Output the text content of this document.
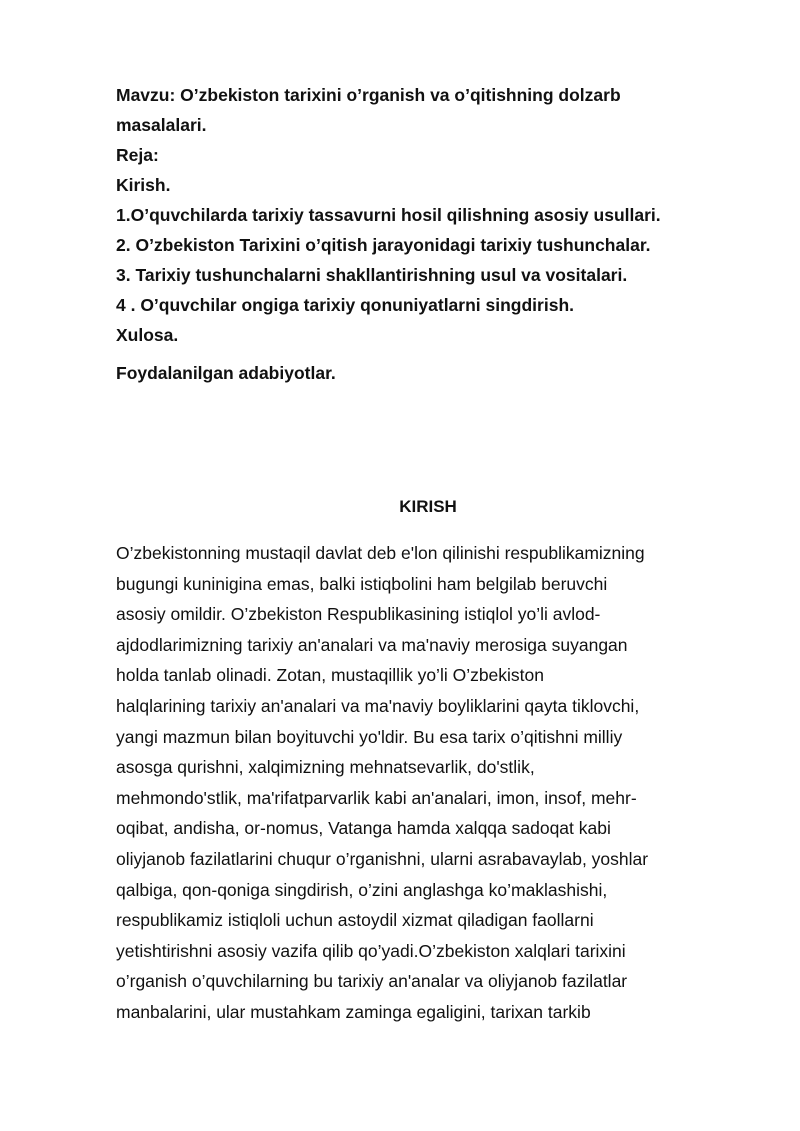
Mavzu: O’zbekiston tarixini o’rganish va o’qitishning dolzarb masalalari.
Reja:
Kirish.
1.O’quvchilarda tarixiy tassavurni hosil qilishning asosiy usullari.
2. O’zbekiston Tarixini o’qitish jarayonidagi tarixiy tushunchalar.
3. Tarixiy tushunchalarni shakllantirishning usul va vositalari.
4 . O’quvchilar ongiga tarixiy qonuniyatlarni singdirish.
Xulosa.
Foydalanilgan adabiyotlar.
KIRISH
O’zbekistonning mustaqil davlat deb e'lon qilinishi respublikamizning
bugungi kuninigina emas, balki istiqbolini ham belgilab beruvchi
asosiy omildir. O’zbekiston Respublikasining istiqlol yo’li avlod-
ajdodlarimizning tarixiy an'analari va ma'naviy merosiga suyangan
holda tanlab olinadi. Zotan, mustaqillik yo’li O’zbekiston
halqlarining tarixiy an'analari va ma'naviy boyliklarini qayta tiklovchi,
yangi mazmun bilan boyituvchi yo'ldir. Bu esa tarix o’qitishni milliy
asosga qurishni, xalqimizning mehnatsevarlik, do'stlik,
mehmondo'stlik, ma'rifatparvarlik kabi an'analari, imon, insof, mehr-
oqibat, andisha, or-nomus, Vatanga hamda xalqqa sadoqat kabi
oliyjanob fazilatlarini chuqur o’rganishni, ularni asrabavaylab, yoshlar
qalbiga, qon-qoniga singdirish, o’zini anglashga ko’maklashishi,
respublikamiz istiqloli uchun astoydil xizmat qiladigan faollarni
yetishtirishni asosiy vazifa qilib qo’yadi.O’zbekiston xalqlari tarixini
o’rganish o’quvchilarning bu tarixiy an'analar va oliyjanob fazilatlar
manbalarini, ular mustahkam zaminga egaligini, tarixan tarkib
